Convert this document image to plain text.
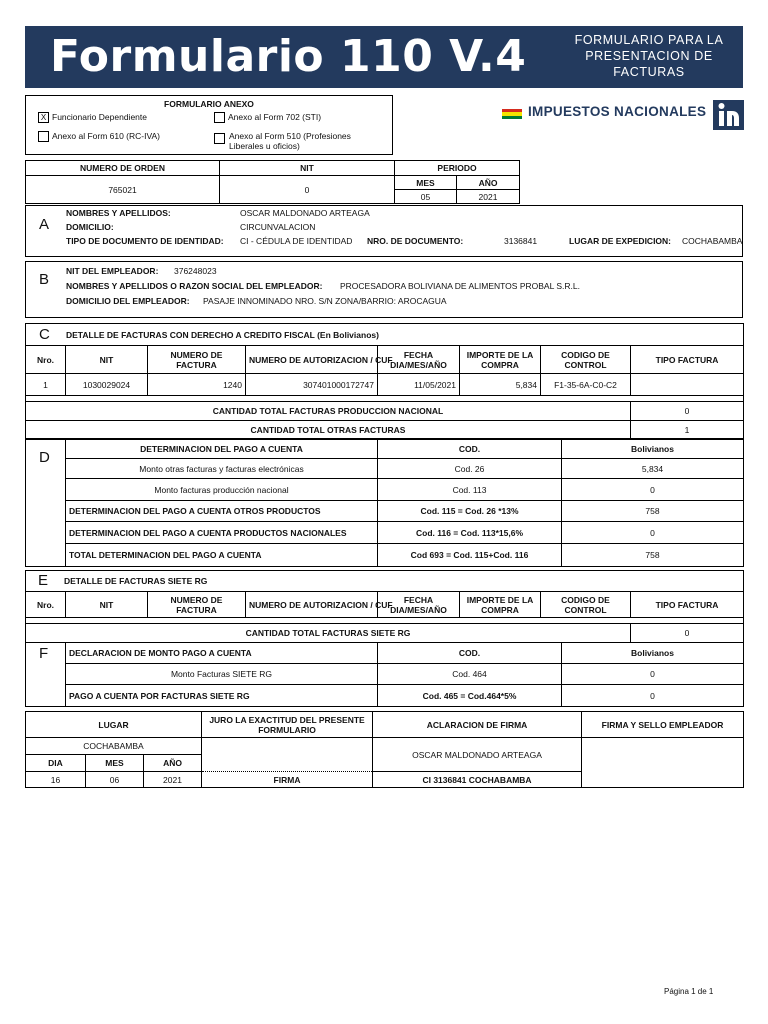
Formulario 110 V.4	FORMULARIO PARA LA
PRESENTACION DE
FACTURAS
FORMULARIO ANEXO
X Funcionario Dependiente	Anexo al Form 702 (STI)
Anexo al Form 610 (RC-IVA)	Anexo al Form 510 (Profesiones Liberales u oficios)
IMPUESTOS NACIONALES
NUMERO DE ORDEN	NIT	PERIODO	
765021	0	MES	AÑO
		05	2021
A
NOMBRES Y APELLIDOS:	OSCAR MALDONADO ARTEAGA
DOMICILIO:	CIRCUNVALACION
TIPO DE DOCUMENTO DE IDENTIDAD: CI - CÉDULA DE IDENTIDAD NRO. DE DOCUMENTO:	3136841	LUGAR DE EXPEDICION: COCHABAMBA
B NIT DEL EMPLEADOR: 376248023
NOMBRES Y APELLIDOS O RAZON SOCIAL DEL EMPLEADOR: PROCESADORA BOLIVIANA DE ALIMENTOS PROBAL S.R.L.
DOMICILIO DEL EMPLEADOR: PASAJE INNOMINADO NRO. S/N ZONA/BARRIO: AROCAGUA
C DETALLE DE FACTURAS CON DERECHO A CREDITO FISCAL (En Bolivianos)							
Nro.	NIT	NUMERO DE FACTURA	NUMERO DE AUTORIZACION / CUF	FECHA DIA/MES/AÑO	IMPORTE DE LA COMPRA	CODIGO DE CONTROL	TIPO FACTURA
1	1030029024	1240	307401000172747	11/05/2021	5,834	F1-35-6A-C0-C2	

CANTIDAD TOTAL FACTURAS PRODUCCION NACIONAL							0
CANTIDAD TOTAL OTRAS FACTURAS							1
D	DETERMINACION DEL PAGO A CUENTA	COD.	Bolivianos
	Monto otras facturas y facturas electrónicas	Cod. 26	5,834
	Monto facturas producción nacional	Cod. 113	0
	DETERMINACION DEL PAGO A CUENTA OTROS PRODUCTOS	Cod. 115 = Cod. 26 *13%	758
	DETERMINACION DEL PAGO A CUENTA PRODUCTOS NACIONALES	Cod. 116 = Cod. 113*15,6%	0
	TOTAL DETERMINACION DEL PAGO A CUENTA	Cod 693 = Cod. 115+Cod. 116	758
E DETALLE DE FACTURAS SIETE RG							
Nro.	NIT	NUMERO DE FACTURA	NUMERO DE AUTORIZACION / CUF	FECHA DIA/MES/AÑO	IMPORTE DE LA COMPRA	CODIGO DE CONTROL	TIPO FACTURA

CANTIDAD TOTAL FACTURAS SIETE RG							0
F	DECLARACION DE MONTO PAGO A CUENTA	COD.	Bolivianos
	Monto Facturas SIETE RG	Cod. 464	0
	PAGO A CUENTA POR FACTURAS SIETE RG	Cod. 465 = Cod.464*5%	0
LUGAR			JURO LA EXACTITUD DEL PRESENTE FORMULARIO	ACLARACION DE FIRMA	FIRMA Y SELLO EMPLEADOR
COCHABAMBA				OSCAR MALDONADO ARTEAGA	
DIA	MES	AÑO			
16	06	2021	FIRMA	CI 3136841 COCHABAMBA	
Página 1 de 1
